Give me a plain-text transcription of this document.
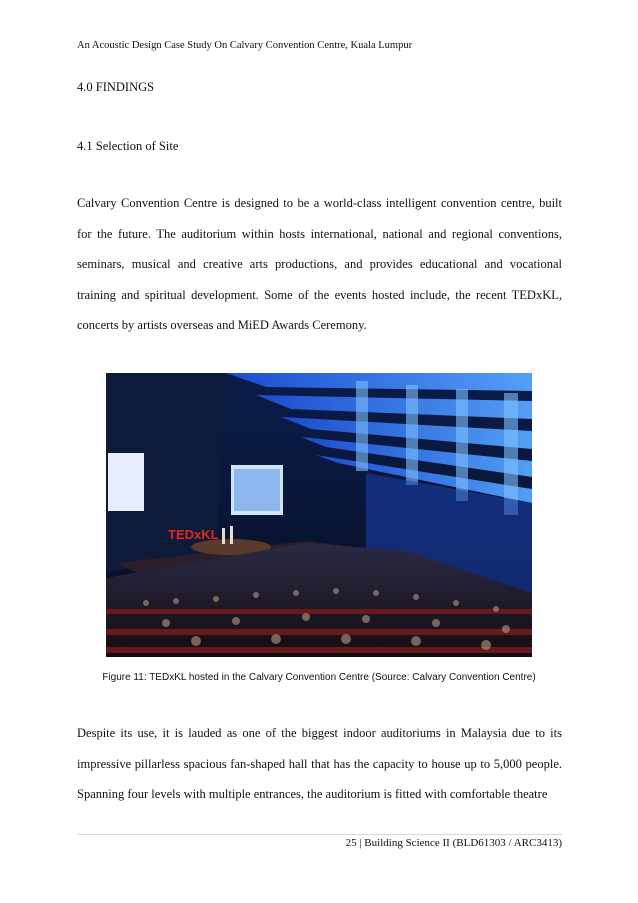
An Acoustic Design Case Study On Calvary Convention Centre, Kuala Lumpur
4.0 FINDINGS
4.1 Selection of Site
Calvary Convention Centre is designed to be a world-class intelligent convention centre, built for the future. The auditorium within hosts international, national and regional conventions, seminars, musical and creative arts productions, and provides educational and vocational training and spiritual development. Some of the events hosted include, the recent TEDxKL, concerts by artists overseas and MiED Awards Ceremony.
TEDxKL
Figure 11: TEDxKL hosted in the Calvary Convention Centre (Source: Calvary Convention Centre)
Despite its use, it is lauded as one of the biggest indoor auditoriums in Malaysia due to its impressive pillarless spacious fan-shaped hall that has the capacity to house up to 5,000 people. Spanning four levels with multiple entrances, the auditorium is fitted with comfortable theatre
25 | Building Science II (BLD61303 / ARC3413)
